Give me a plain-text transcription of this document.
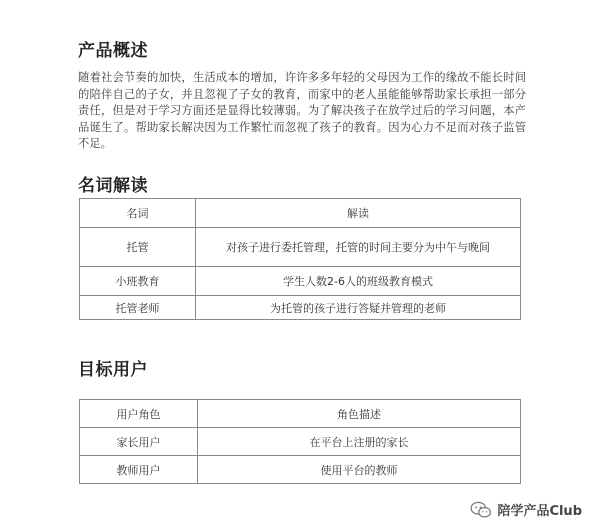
产品概述

随着社会节奏的加快，生活成本的增加，许许多多年轻的父母因为工作的缘故不能长时间的陪伴自己的子女，并且忽视了子女的教育，而家中的老人虽能能够帮助家长承担一部分责任，但是对于学习方面还是显得比较薄弱。为了解决孩子在放学过后的学习问题，本产品诞生了。帮助家长解决因为工作繁忙而忽视了孩子的教育。因为心力不足而对孩子监管不足。

名词解读
名词	解读
托管	对孩子进行委托管理，托管的时间主要分为中午与晚间
小班教育	学生人数2-6人的班级教育模式
托管老师	为托管的孩子进行答疑并管理的老师
目标用户
用户角色	角色描述
家长用户	在平台上注册的家长
教师用户	使用平台的教师
陪学产品Club
